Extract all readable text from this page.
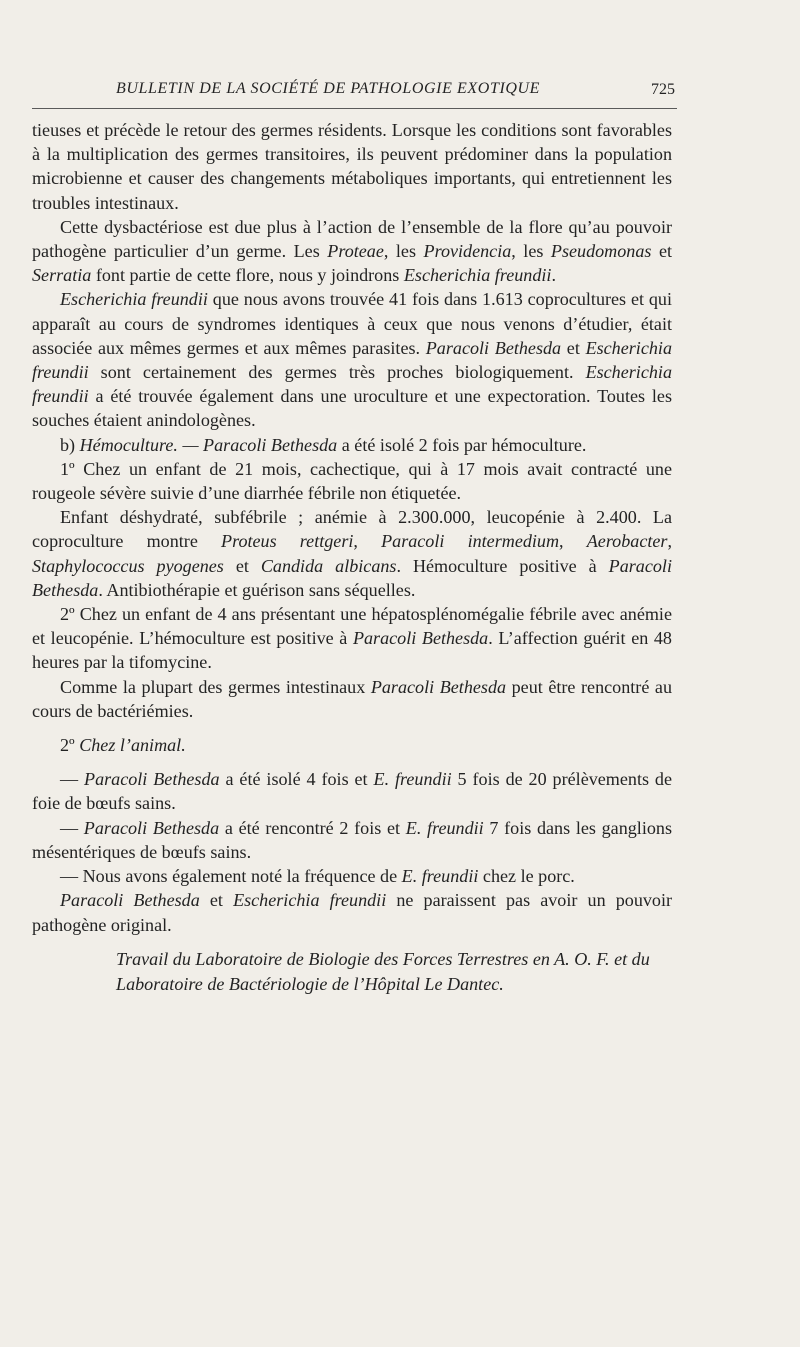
BULLETIN DE LA SOCIÉTÉ DE PATHOLOGIE EXOTIQUE	725

tieuses et précède le retour des germes résidents. Lorsque les conditions sont favorables à la multiplication des germes transitoires, ils peuvent prédominer dans la population microbienne et causer des changements métaboliques importants, qui entretiennent les troubles intestinaux.

Cette dysbactériose est due plus à l’action de l’ensemble de la flore qu’au pouvoir pathogène particulier d’un germe. Les Proteae, les Providencia, les Pseudomonas et Serratia font partie de cette flore, nous y joindrons Escherichia freundii.

Escherichia freundii que nous avons trouvée 41 fois dans 1.613 coprocultures et qui apparaît au cours de syndromes identiques à ceux que nous venons d’étudier, était associée aux mêmes germes et aux mêmes parasites. Paracoli Bethesda et Escherichia freundii sont certainement des germes très proches biologiquement. Escherichia freundii a été trouvée également dans une uroculture et une expectoration. Toutes les souches étaient anindologènes.

b) Hémoculture. — Paracoli Bethesda a été isolé 2 fois par hémoculture.

1º Chez un enfant de 21 mois, cachectique, qui à 17 mois avait contracté une rougeole sévère suivie d’une diarrhée fébrile non étiquetée.

Enfant déshydraté, subfébrile ; anémie à 2.300.000, leucopénie à 2.400. La coproculture montre Proteus rettgeri, Paracoli intermedium, Aerobacter, Staphylococcus pyogenes et Candida albicans. Hémoculture positive à Paracoli Bethesda. Antibiothérapie et guérison sans séquelles.

2º Chez un enfant de 4 ans présentant une hépatosplénomégalie fébrile avec anémie et leucopénie. L’hémoculture est positive à Paracoli Bethesda. L’affection guérit en 48 heures par la tifomycine.

Comme la plupart des germes intestinaux Paracoli Bethesda peut être rencontré au cours de bactériémies.

2º Chez l’animal.

— Paracoli Bethesda a été isolé 4 fois et E. freundii 5 fois de 20 prélèvements de foie de bœufs sains.

— Paracoli Bethesda a été rencontré 2 fois et E. freundii 7 fois dans les ganglions mésentériques de bœufs sains.

— Nous avons également noté la fréquence de E. freundii chez le porc.

Paracoli Bethesda et Escherichia freundii ne paraissent pas avoir un pouvoir pathogène original.

Travail du Laboratoire de Biologie des Forces Terrestres en A. O. F. et du Laboratoire de Bactériologie de l’Hôpital Le Dantec.
